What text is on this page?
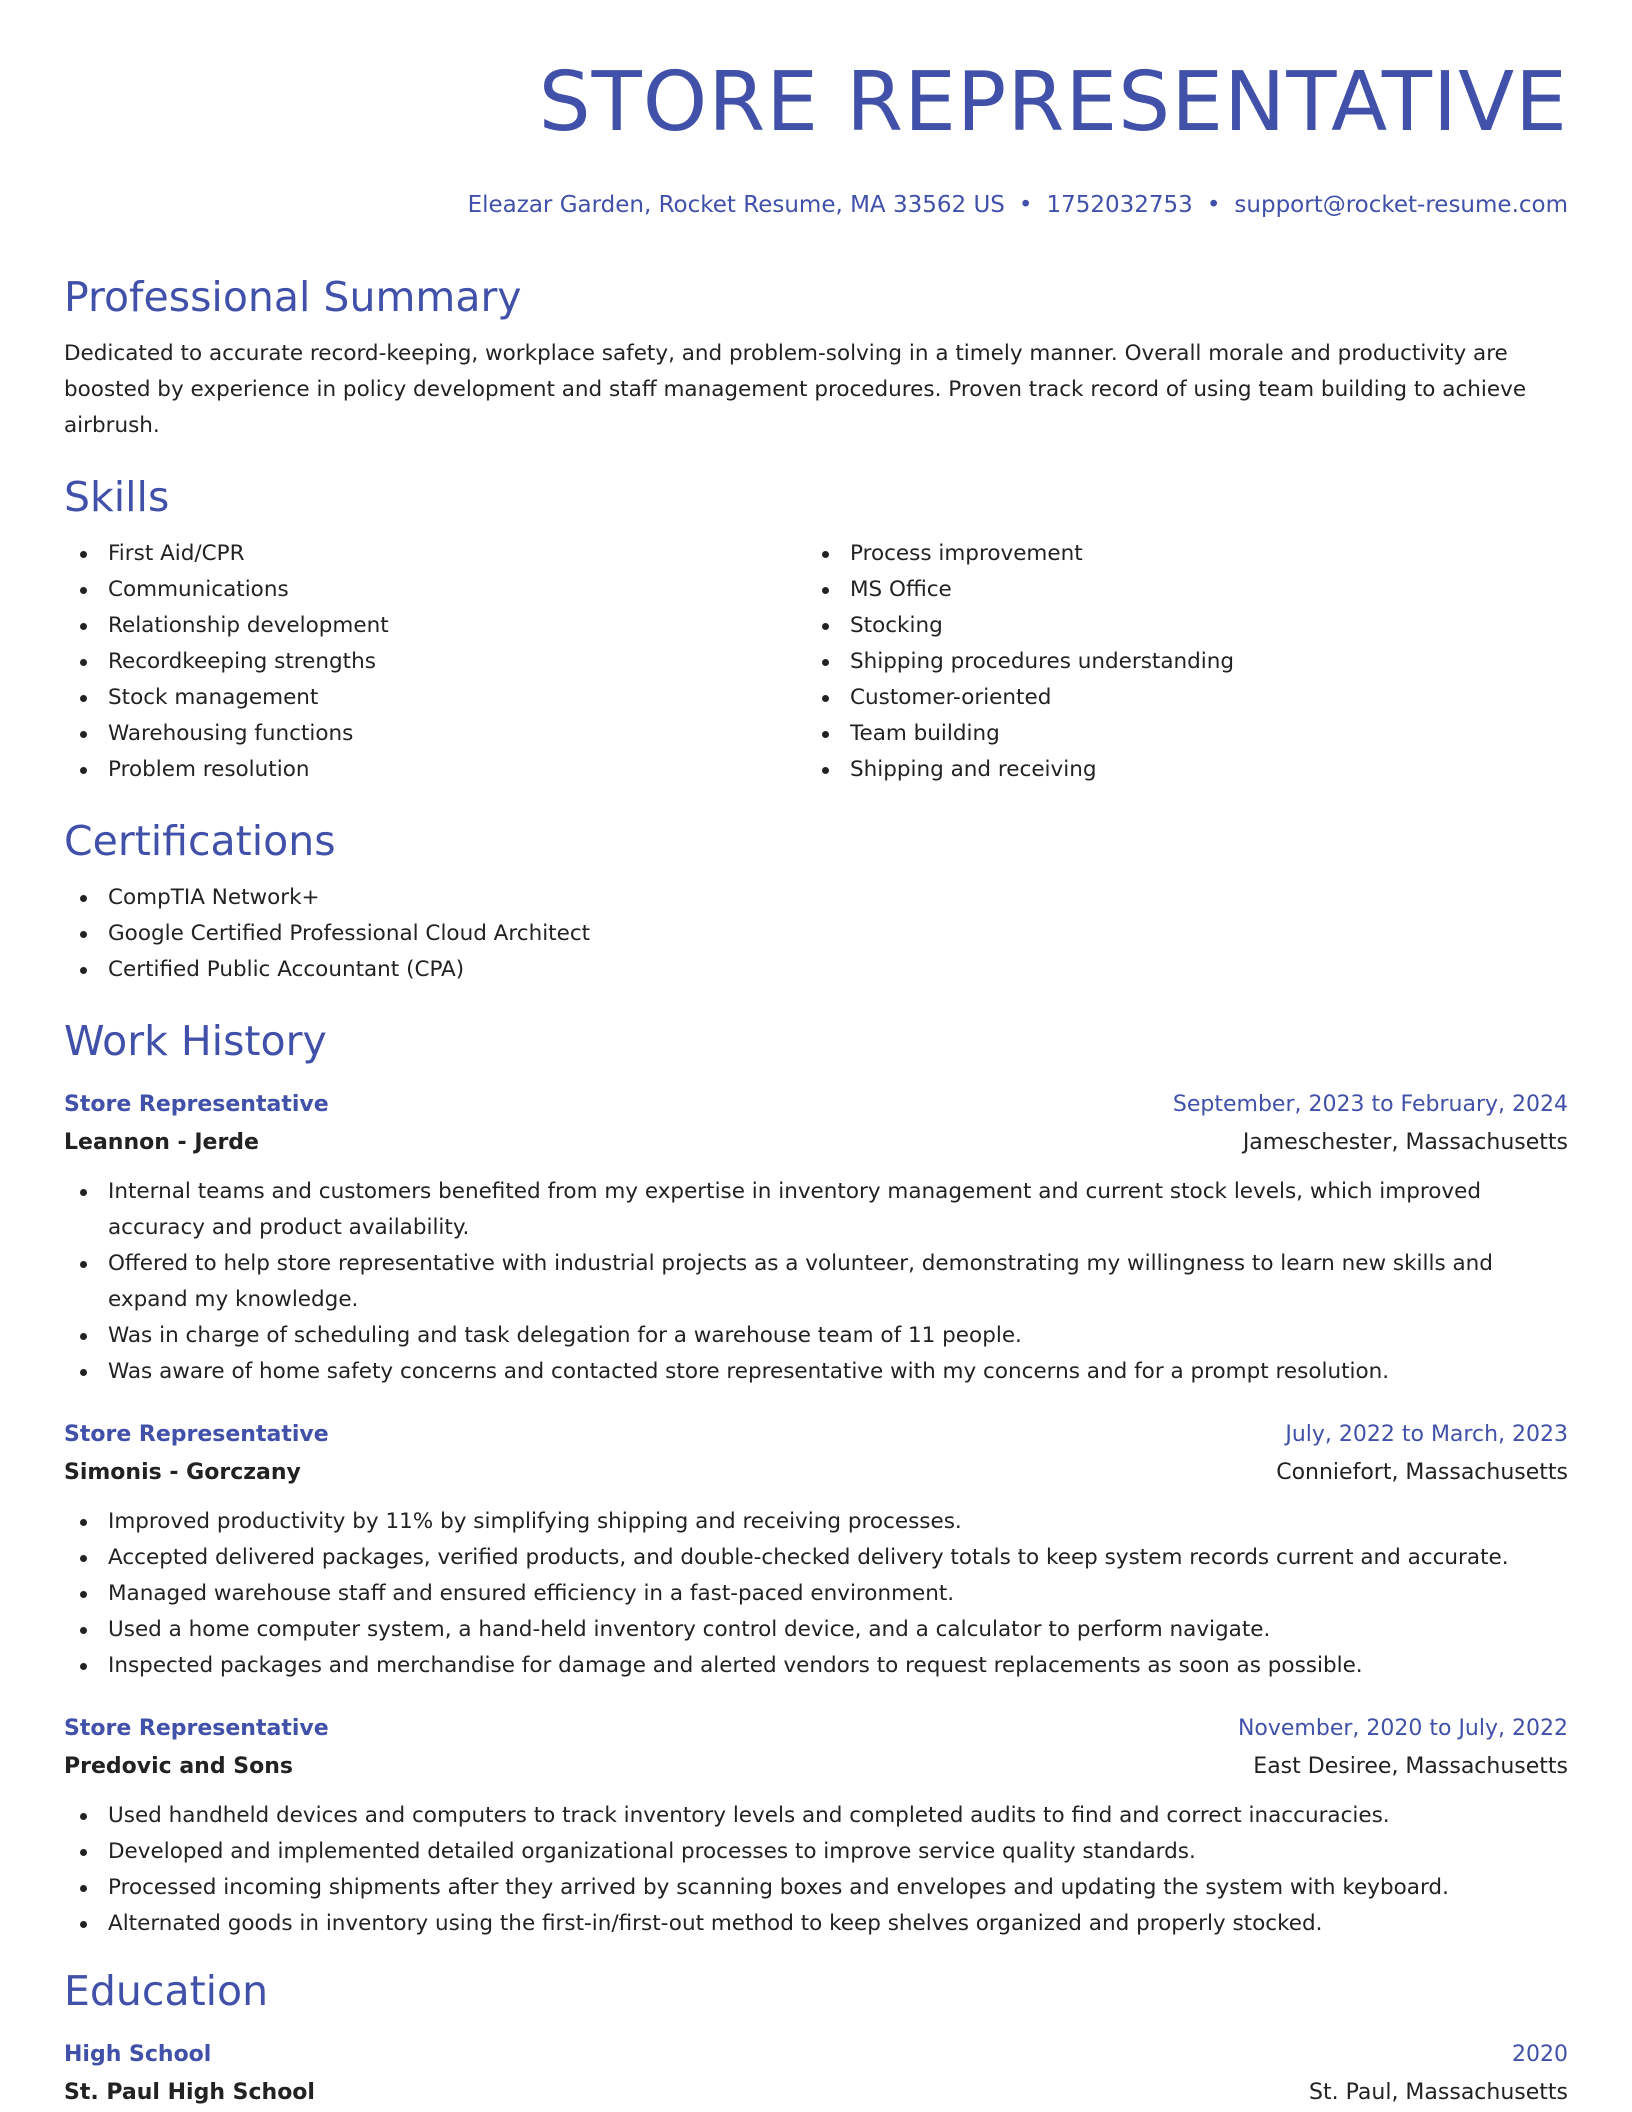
STORE REPRESENTATIVE
Eleazar Garden, Rocket Resume, MA 33562 US • 1752032753 • support@rocket-resume.com
Professional Summary
Dedicated to accurate record-keeping, workplace safety, and problem-solving in a timely manner. Overall morale and productivity are boosted by experience in policy development and staff management procedures. Proven track record of using team building to achieve airbrush.
Skills
First Aid/CPR
Communications
Relationship development
Recordkeeping strengths
Stock management
Warehousing functions
Problem resolution
Process improvement
MS Office
Stocking
Shipping procedures understanding
Customer-oriented
Team building
Shipping and receiving
Certifications
CompTIA Network+
Google Certified Professional Cloud Architect
Certified Public Accountant (CPA)
Work History
Store Representative	September, 2023 to February, 2024
Leannon - Jerde	Jameschester, Massachusetts
Internal teams and customers benefited from my expertise in inventory management and current stock levels, which improved accuracy and product availability.
Offered to help store representative with industrial projects as a volunteer, demonstrating my willingness to learn new skills and expand my knowledge.
Was in charge of scheduling and task delegation for a warehouse team of 11 people.
Was aware of home safety concerns and contacted store representative with my concerns and for a prompt resolution.
Store Representative	July, 2022 to March, 2023
Simonis - Gorczany	Conniefort, Massachusetts
Improved productivity by 11% by simplifying shipping and receiving processes.
Accepted delivered packages, verified products, and double-checked delivery totals to keep system records current and accurate.
Managed warehouse staff and ensured efficiency in a fast-paced environment.
Used a home computer system, a hand-held inventory control device, and a calculator to perform navigate.
Inspected packages and merchandise for damage and alerted vendors to request replacements as soon as possible.
Store Representative	November, 2020 to July, 2022
Predovic and Sons	East Desiree, Massachusetts
Used handheld devices and computers to track inventory levels and completed audits to find and correct inaccuracies.
Developed and implemented detailed organizational processes to improve service quality standards.
Processed incoming shipments after they arrived by scanning boxes and envelopes and updating the system with keyboard.
Alternated goods in inventory using the first-in/first-out method to keep shelves organized and properly stocked.
Education
High School	2020
St. Paul High School	St. Paul, Massachusetts
